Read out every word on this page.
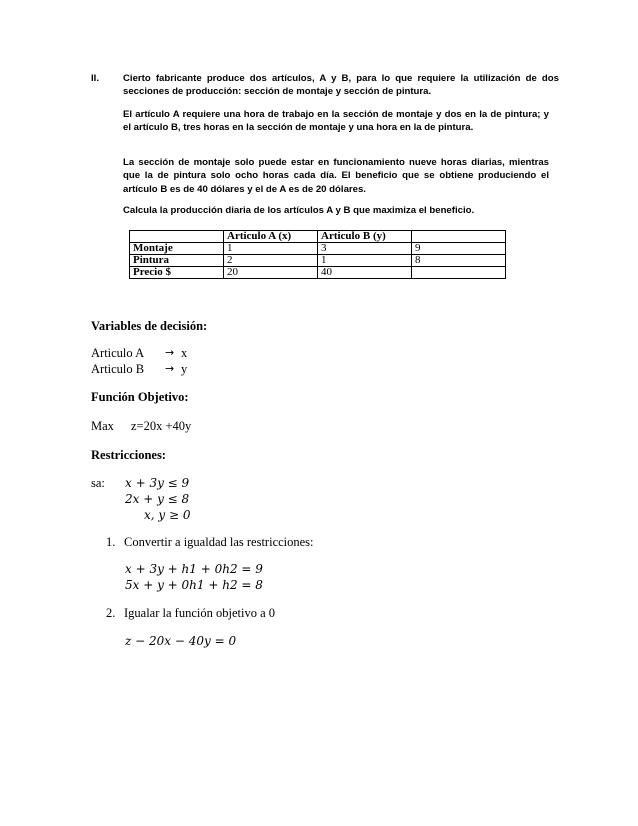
II.	Cierto fabricante produce dos artículos, A y B, para lo que requiere la utilización de dos secciones de producción: sección de montaje y sección de pintura.
El artículo A requiere una hora de trabajo en la sección de montaje y dos en la de pintura; y el artículo B, tres horas en la sección de montaje y una hora en la de pintura.
La sección de montaje solo puede estar en funcionamiento nueve horas diarias, mientras que la de pintura solo ocho horas cada día. El beneficio que se obtiene produciendo el artículo B es de 40 dólares y el de A es de 20 dólares.
Calcula la producción diaria de los artículos A y B que maximiza el beneficio.
	Articulo A (x)	Articulo B (y)	
Montaje	1	3	9
Pintura	2	1	8
Precio $	20	40	
Variables de decisión:
Articulo A → x
Articulo B → y
Función Objetivo:
Max z=20x +40y
Restricciones:
sa: x + 3y ≤ 9
2x + y ≤ 8
x, y ≥ 0
1. Convertir a igualdad las restricciones:
x + 3y + h1 + 0h2 = 9
5x + y + 0h1 + h2 = 8
2. Igualar la función objetivo a 0
z − 20x − 40y = 0
